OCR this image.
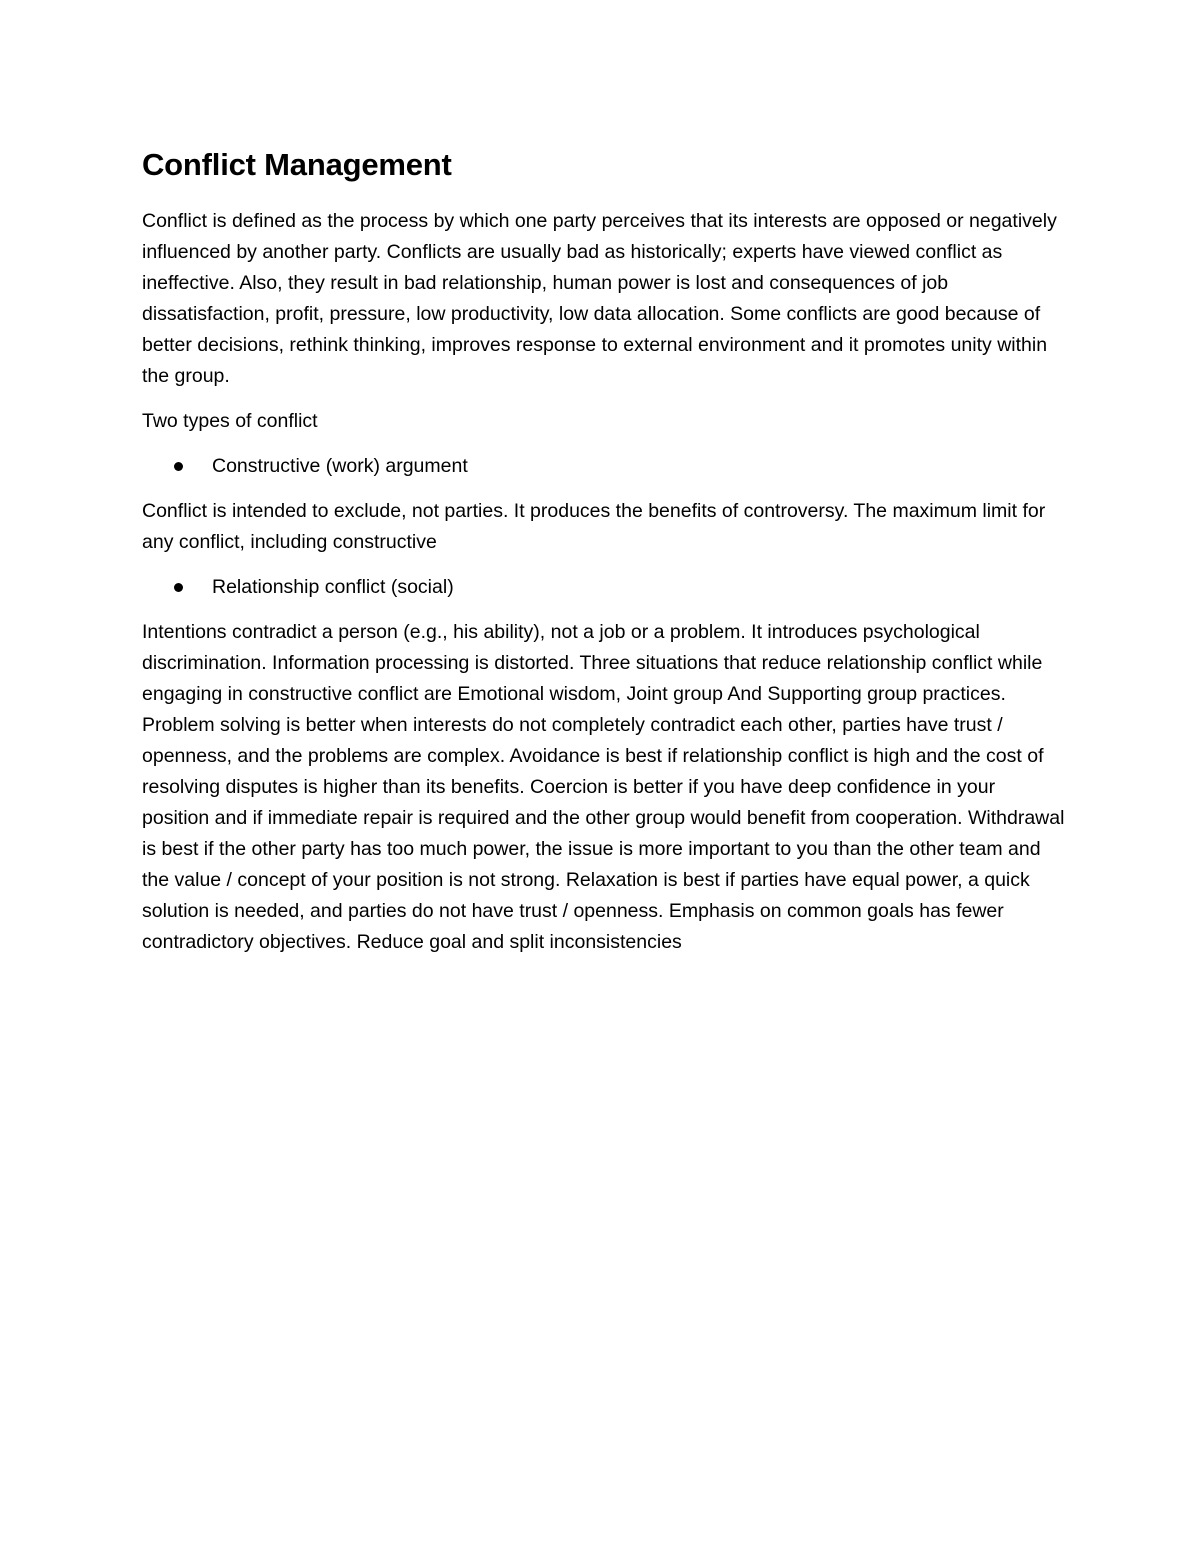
Conflict Management

Conflict is defined as the process by which one party perceives that its interests are opposed or negatively influenced by another party. Conflicts are usually bad as historically; experts have viewed conflict as ineffective. Also, they result in bad relationship, human power is lost and consequences of job dissatisfaction, profit, pressure, low productivity, low data allocation. Some conflicts are good because of better decisions, rethink thinking, improves response to external environment and it promotes unity within the group.

Two types of conflict

Constructive (work) argument

Conflict is intended to exclude, not parties. It produces the benefits of controversy. The maximum limit for any conflict, including constructive

Relationship conflict (social)

Intentions contradict a person (e.g., his ability), not a job or a problem. It introduces psychological discrimination. Information processing is distorted. Three situations that reduce relationship conflict while engaging in constructive conflict are Emotional wisdom, Joint group And Supporting group practices. Problem solving is better when interests do not completely contradict each other, parties have trust / openness, and the problems are complex. Avoidance is best if relationship conflict is high and the cost of resolving disputes is higher than its benefits. Coercion is better if you have deep confidence in your position and if immediate repair is required and the other group would benefit from cooperation. Withdrawal is best if the other party has too much power, the issue is more important to you than the other team and the value / concept of your position is not strong. Relaxation is best if parties have equal power, a quick solution is needed, and parties do not have trust / openness. Emphasis on common goals has fewer contradictory objectives. Reduce goal and split inconsistencies
